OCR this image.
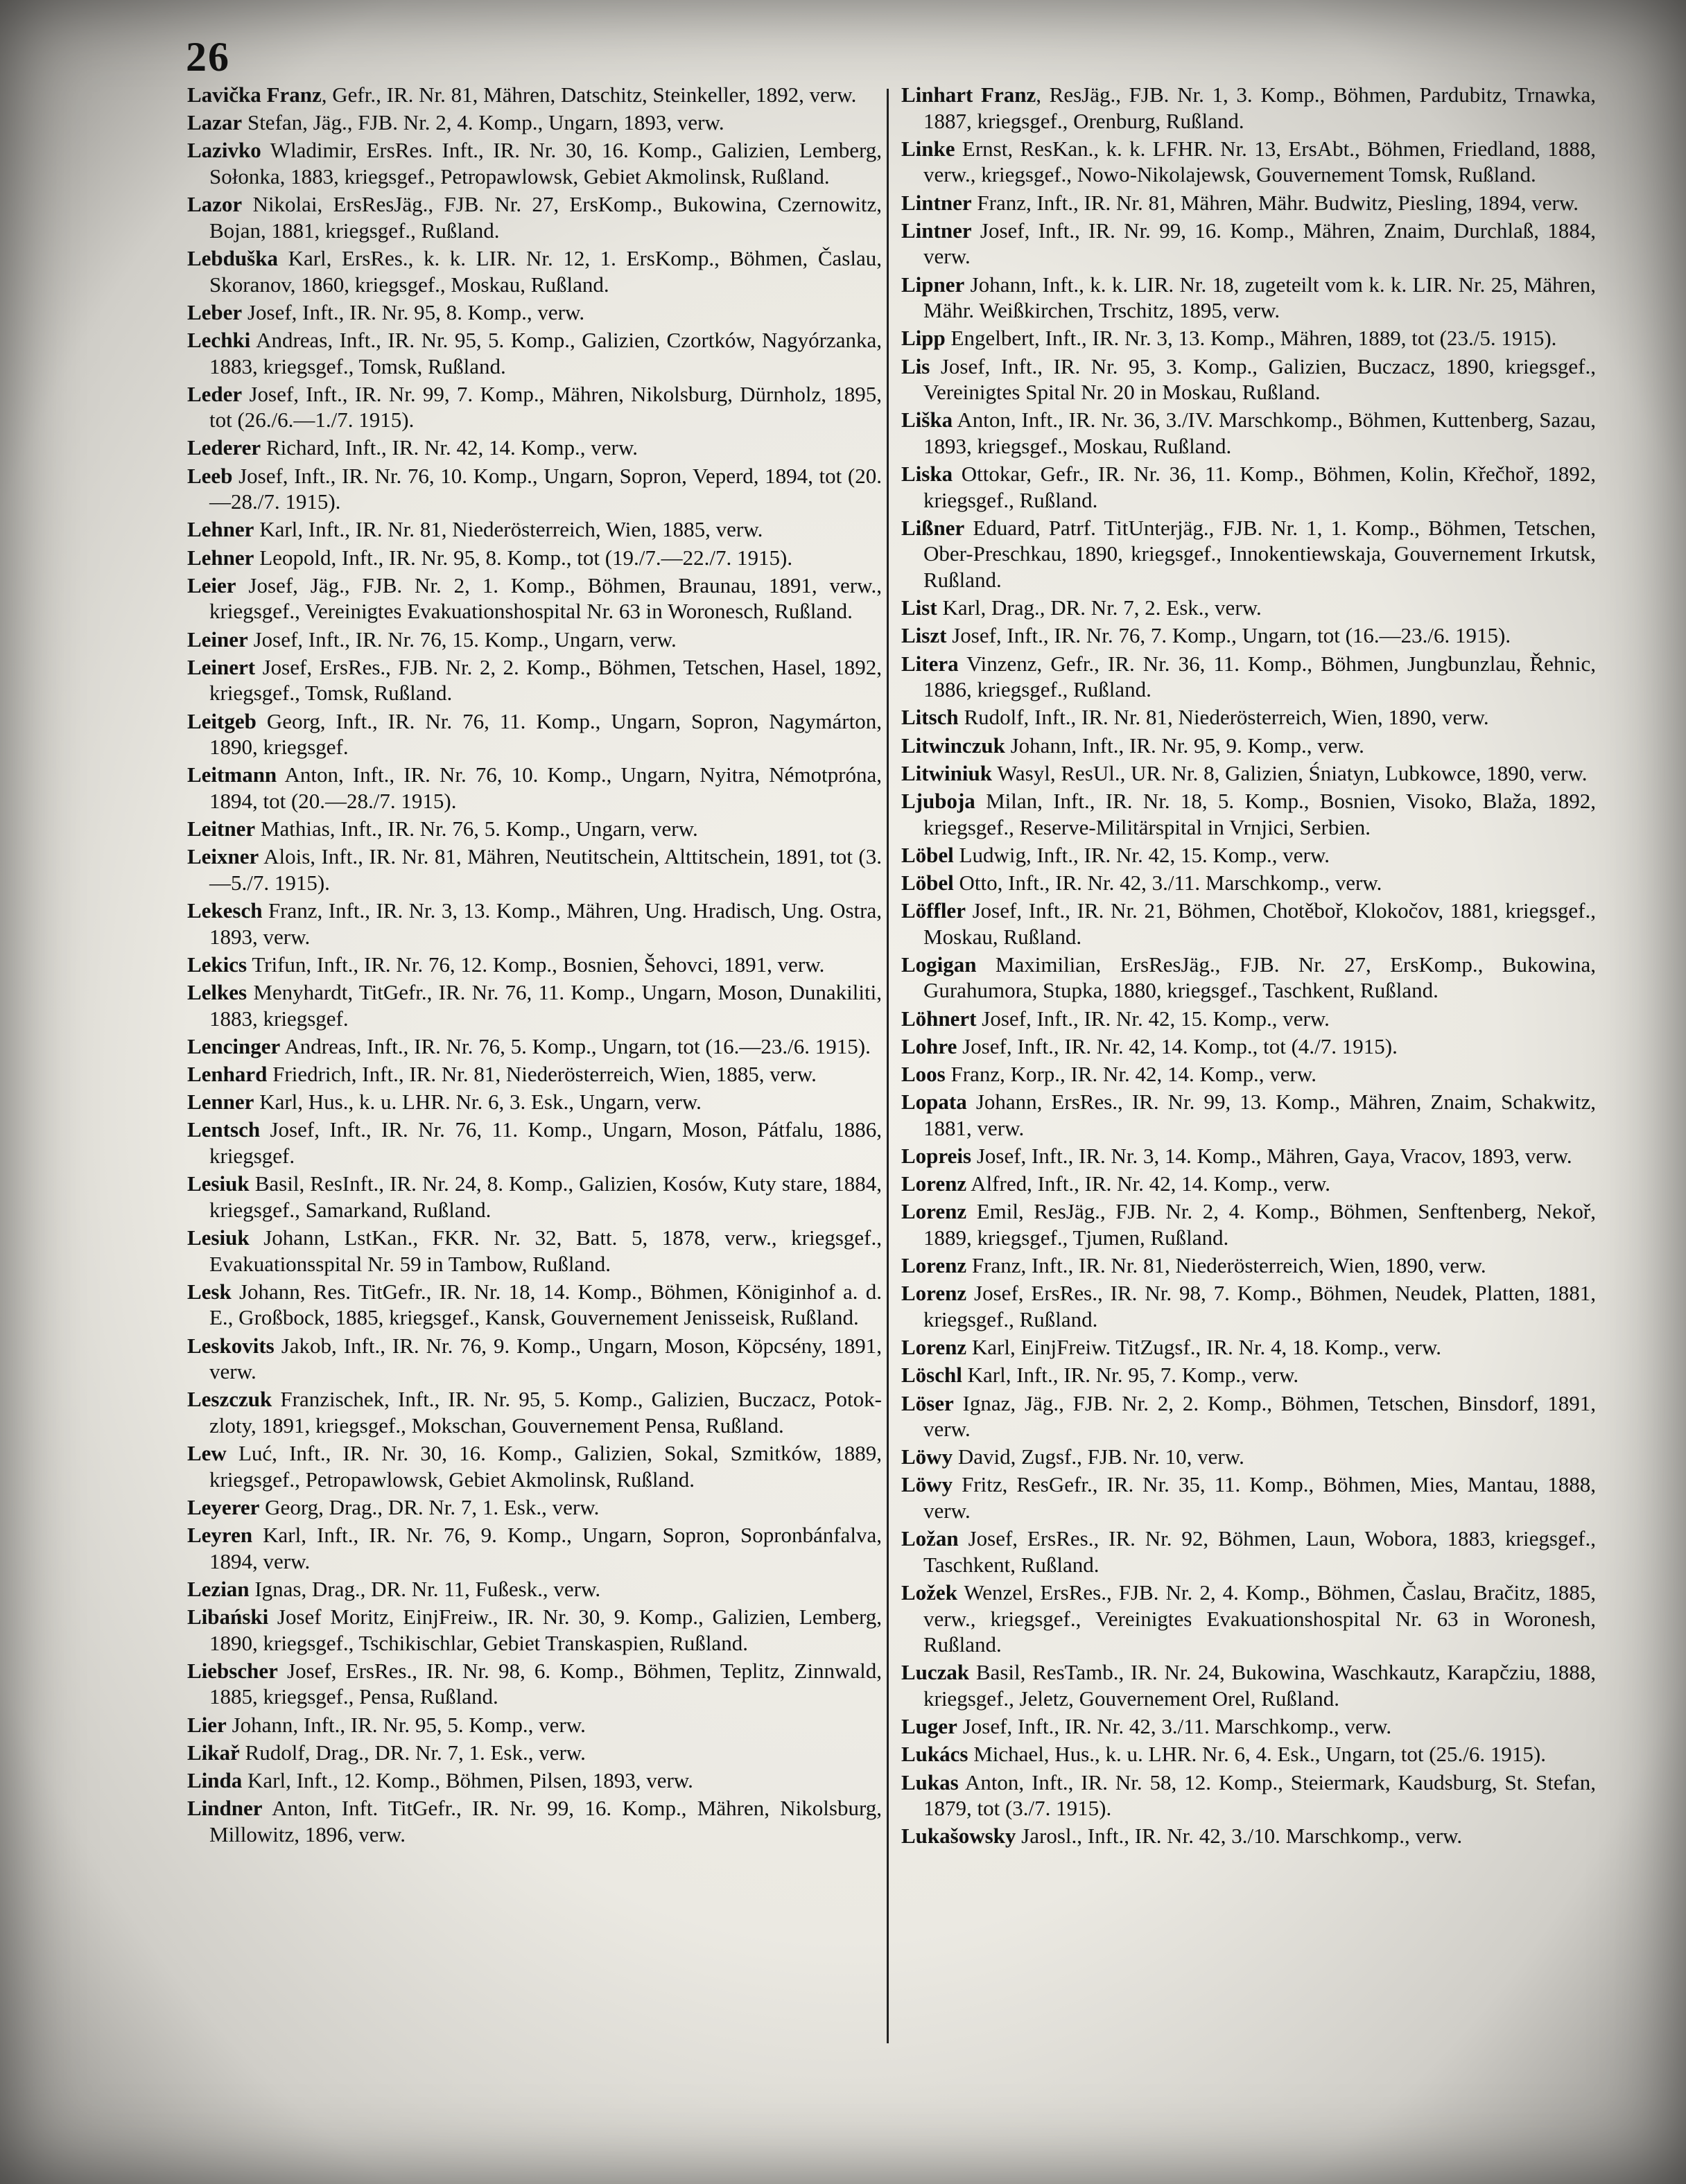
26

Lavička Franz, Gefr., IR. Nr. 81, Mähren, Datschitz, Steinkeller, 1892, verw.

Lazar Stefan, Jäg., FJB. Nr. 2, 4. Komp., Ungarn, 1893, verw.

Lazivko Wladimir, ErsRes. Inft., IR. Nr. 30, 16. Komp., Galizien, Lemberg, Sołonka, 1883, kriegsgef., Petropawlowsk, Gebiet Akmolinsk, Rußland.

Lazor Nikolai, ErsResJäg., FJB. Nr. 27, ErsKomp., Bukowina, Czernowitz, Bojan, 1881, kriegsgef., Rußland.

Lebduška Karl, ErsRes., k. k. LIR. Nr. 12, 1. ErsKomp., Böhmen, Časlau, Skoranov, 1860, kriegsgef., Moskau, Rußland.

Leber Josef, Inft., IR. Nr. 95, 8. Komp., verw.

Lechki Andreas, Inft., IR. Nr. 95, 5. Komp., Galizien, Czortków, Nagyórzanka, 1883, kriegsgef., Tomsk, Rußland.

Leder Josef, Inft., IR. Nr. 99, 7. Komp., Mähren, Nikolsburg, Dürnholz, 1895, tot (26./6.—1./7. 1915).

Lederer Richard, Inft., IR. Nr. 42, 14. Komp., verw.

Leeb Josef, Inft., IR. Nr. 76, 10. Komp., Ungarn, Sopron, Veperd, 1894, tot (20.—28./7. 1915).

Lehner Karl, Inft., IR. Nr. 81, Niederösterreich, Wien, 1885, verw.

Lehner Leopold, Inft., IR. Nr. 95, 8. Komp., tot (19./7.—22./7. 1915).

Leier Josef, Jäg., FJB. Nr. 2, 1. Komp., Böhmen, Braunau, 1891, verw., kriegsgef., Vereinigtes Evakuationshospital Nr. 63 in Woronesch, Rußland.

Leiner Josef, Inft., IR. Nr. 76, 15. Komp., Ungarn, verw.

Leinert Josef, ErsRes., FJB. Nr. 2, 2. Komp., Böhmen, Tetschen, Hasel, 1892, kriegsgef., Tomsk, Rußland.

Leitgeb Georg, Inft., IR. Nr. 76, 11. Komp., Ungarn, Sopron, Nagymárton, 1890, kriegsgef.

Leitmann Anton, Inft., IR. Nr. 76, 10. Komp., Ungarn, Nyitra, Némotpróna, 1894, tot (20.—28./7. 1915).

Leitner Mathias, Inft., IR. Nr. 76, 5. Komp., Ungarn, verw.

Leixner Alois, Inft., IR. Nr. 81, Mähren, Neutitschein, Alttitschein, 1891, tot (3.—5./7. 1915).

Lekesch Franz, Inft., IR. Nr. 3, 13. Komp., Mähren, Ung. Hradisch, Ung. Ostra, 1893, verw.

Lekics Trifun, Inft., IR. Nr. 76, 12. Komp., Bosnien, Šehovci, 1891, verw.

Lelkes Menyhardt, TitGefr., IR. Nr. 76, 11. Komp., Ungarn, Moson, Dunakiliti, 1883, kriegsgef.

Lencinger Andreas, Inft., IR. Nr. 76, 5. Komp., Ungarn, tot (16.—23./6. 1915).

Lenhard Friedrich, Inft., IR. Nr. 81, Niederösterreich, Wien, 1885, verw.

Lenner Karl, Hus., k. u. LHR. Nr. 6, 3. Esk., Ungarn, verw.

Lentsch Josef, Inft., IR. Nr. 76, 11. Komp., Ungarn, Moson, Pátfalu, 1886, kriegsgef.

Lesiuk Basil, ResInft., IR. Nr. 24, 8. Komp., Galizien, Kosów, Kuty stare, 1884, kriegsgef., Samarkand, Rußland.

Lesiuk Johann, LstKan., FKR. Nr. 32, Batt. 5, 1878, verw., kriegsgef., Evakuationsspital Nr. 59 in Tambow, Rußland.

Lesk Johann, Res. TitGefr., IR. Nr. 18, 14. Komp., Böhmen, Königinhof a. d. E., Großbock, 1885, kriegsgef., Kansk, Gouvernement Jenisseisk, Rußland.

Leskovits Jakob, Inft., IR. Nr. 76, 9. Komp., Ungarn, Moson, Köpcsény, 1891, verw.

Leszczuk Franzischek, Inft., IR. Nr. 95, 5. Komp., Galizien, Buczacz, Potok-zloty, 1891, kriegsgef., Mokschan, Gouvernement Pensa, Rußland.

Lew Luć, Inft., IR. Nr. 30, 16. Komp., Galizien, Sokal, Szmitków, 1889, kriegsgef., Petropawlowsk, Gebiet Akmolinsk, Rußland.

Leyerer Georg, Drag., DR. Nr. 7, 1. Esk., verw.

Leyren Karl, Inft., IR. Nr. 76, 9. Komp., Ungarn, Sopron, Sopronbánfalva, 1894, verw.

Lezian Ignas, Drag., DR. Nr. 11, Fußesk., verw.

Libański Josef Moritz, EinjFreiw., IR. Nr. 30, 9. Komp., Galizien, Lemberg, 1890, kriegsgef., Tschikischlar, Gebiet Transkaspien, Rußland.

Liebscher Josef, ErsRes., IR. Nr. 98, 6. Komp., Böhmen, Teplitz, Zinnwald, 1885, kriegsgef., Pensa, Rußland.

Lier Johann, Inft., IR. Nr. 95, 5. Komp., verw.

Likař Rudolf, Drag., DR. Nr. 7, 1. Esk., verw.

Linda Karl, Inft., 12. Komp., Böhmen, Pilsen, 1893, verw.

Lindner Anton, Inft. TitGefr., IR. Nr. 99, 16. Komp., Mähren, Nikolsburg, Millowitz, 1896, verw.

Linhart Franz, ResJäg., FJB. Nr. 1, 3. Komp., Böhmen, Pardubitz, Trnawka, 1887, kriegsgef., Orenburg, Rußland.

Linke Ernst, ResKan., k. k. LFHR. Nr. 13, ErsAbt., Böhmen, Friedland, 1888, verw., kriegsgef., Nowo-Nikolajewsk, Gouvernement Tomsk, Rußland.

Lintner Franz, Inft., IR. Nr. 81, Mähren, Mähr. Budwitz, Piesling, 1894, verw.

Lintner Josef, Inft., IR. Nr. 99, 16. Komp., Mähren, Znaim, Durchlaß, 1884, verw.

Lipner Johann, Inft., k. k. LIR. Nr. 18, zugeteilt vom k. k. LIR. Nr. 25, Mähren, Mähr. Weißkirchen, Trschitz, 1895, verw.

Lipp Engelbert, Inft., IR. Nr. 3, 13. Komp., Mähren, 1889, tot (23./5. 1915).

Lis Josef, Inft., IR. Nr. 95, 3. Komp., Galizien, Buczacz, 1890, kriegsgef., Vereinigtes Spital Nr. 20 in Moskau, Rußland.

Liška Anton, Inft., IR. Nr. 36, 3./IV. Marschkomp., Böhmen, Kuttenberg, Sazau, 1893, kriegsgef., Moskau, Rußland.

Liska Ottokar, Gefr., IR. Nr. 36, 11. Komp., Böhmen, Kolin, Křečhoř, 1892, kriegsgef., Rußland.

Lißner Eduard, Patrf. TitUnterjäg., FJB. Nr. 1, 1. Komp., Böhmen, Tetschen, Ober-Preschkau, 1890, kriegsgef., Innokentiewskaja, Gouvernement Irkutsk, Rußland.

List Karl, Drag., DR. Nr. 7, 2. Esk., verw.

Liszt Josef, Inft., IR. Nr. 76, 7. Komp., Ungarn, tot (16.—23./6. 1915).

Litera Vinzenz, Gefr., IR. Nr. 36, 11. Komp., Böhmen, Jungbunzlau, Řehnic, 1886, kriegsgef., Rußland.

Litsch Rudolf, Inft., IR. Nr. 81, Niederösterreich, Wien, 1890, verw.

Litwinczuk Johann, Inft., IR. Nr. 95, 9. Komp., verw.

Litwiniuk Wasyl, ResUl., UR. Nr. 8, Galizien, Śniatyn, Lubkowce, 1890, verw.

Ljuboja Milan, Inft., IR. Nr. 18, 5. Komp., Bosnien, Visoko, Blaža, 1892, kriegsgef., Reserve-Militärspital in Vrnjici, Serbien.

Löbel Ludwig, Inft., IR. Nr. 42, 15. Komp., verw.

Löbel Otto, Inft., IR. Nr. 42, 3./11. Marschkomp., verw.

Löffler Josef, Inft., IR. Nr. 21, Böhmen, Chotěboř, Klokočov, 1881, kriegsgef., Moskau, Rußland.

Logigan Maximilian, ErsResJäg., FJB. Nr. 27, ErsKomp., Bukowina, Gurahumora, Stupka, 1880, kriegsgef., Taschkent, Rußland.

Löhnert Josef, Inft., IR. Nr. 42, 15. Komp., verw.

Lohre Josef, Inft., IR. Nr. 42, 14. Komp., tot (4./7. 1915).

Loos Franz, Korp., IR. Nr. 42, 14. Komp., verw.

Lopata Johann, ErsRes., IR. Nr. 99, 13. Komp., Mähren, Znaim, Schakwitz, 1881, verw.

Lopreis Josef, Inft., IR. Nr. 3, 14. Komp., Mähren, Gaya, Vracov, 1893, verw.

Lorenz Alfred, Inft., IR. Nr. 42, 14. Komp., verw.

Lorenz Emil, ResJäg., FJB. Nr. 2, 4. Komp., Böhmen, Senftenberg, Nekoř, 1889, kriegsgef., Tjumen, Rußland.

Lorenz Franz, Inft., IR. Nr. 81, Niederösterreich, Wien, 1890, verw.

Lorenz Josef, ErsRes., IR. Nr. 98, 7. Komp., Böhmen, Neudek, Platten, 1881, kriegsgef., Rußland.

Lorenz Karl, EinjFreiw. TitZugsf., IR. Nr. 4, 18. Komp., verw.

Löschl Karl, Inft., IR. Nr. 95, 7. Komp., verw.

Löser Ignaz, Jäg., FJB. Nr. 2, 2. Komp., Böhmen, Tetschen, Binsdorf, 1891, verw.

Löwy David, Zugsf., FJB. Nr. 10, verw.

Löwy Fritz, ResGefr., IR. Nr. 35, 11. Komp., Böhmen, Mies, Mantau, 1888, verw.

Ložan Josef, ErsRes., IR. Nr. 92, Böhmen, Laun, Wobora, 1883, kriegsgef., Taschkent, Rußland.

Ložek Wenzel, ErsRes., FJB. Nr. 2, 4. Komp., Böhmen, Časlau, Bračitz, 1885, verw., kriegsgef., Vereinigtes Evakuationshospital Nr. 63 in Woronesh, Rußland.

Luczak Basil, ResTamb., IR. Nr. 24, Bukowina, Waschkautz, Karapčziu, 1888, kriegsgef., Jeletz, Gouvernement Orel, Rußland.

Luger Josef, Inft., IR. Nr. 42, 3./11. Marschkomp., verw.

Lukács Michael, Hus., k. u. LHR. Nr. 6, 4. Esk., Ungarn, tot (25./6. 1915).

Lukas Anton, Inft., IR. Nr. 58, 12. Komp., Steiermark, Kaudsburg, St. Stefan, 1879, tot (3./7. 1915).

Lukašowsky Jarosl., Inft., IR. Nr. 42, 3./10. Marschkomp., verw.
